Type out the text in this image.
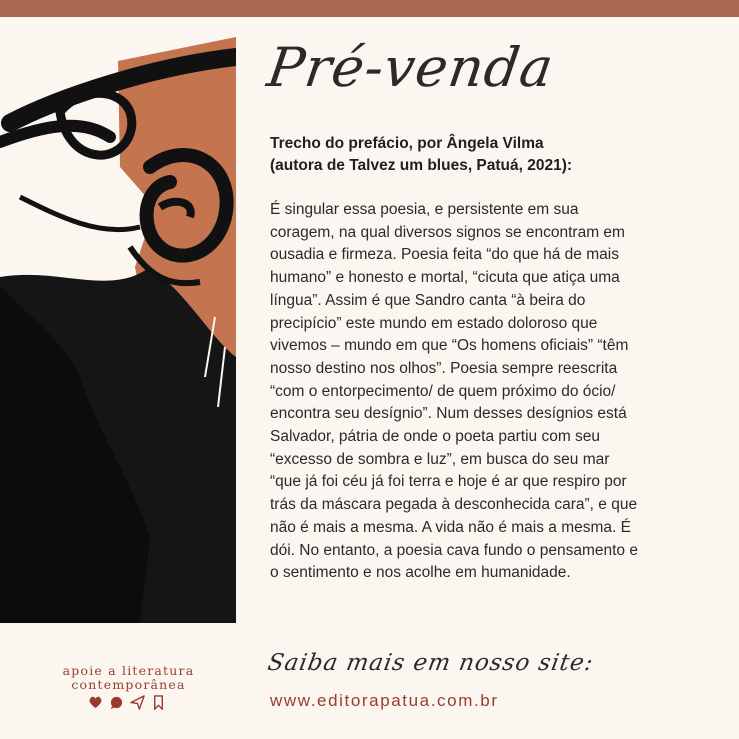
Pré-venda
Trecho do prefácio, por Ângela Vilma
(autora de Talvez um blues, Patuá, 2021):
É singular essa poesia, e persistente em sua coragem, na qual diversos signos se encontram em ousadia e firmeza. Poesia feita “do que há de mais humano” e honesto e mortal, “cicuta que atiça uma língua”. Assim é que Sandro canta “à beira do precipício” este mundo em estado doloroso que vivemos – mundo em que “Os homens oficiais” “têm nosso destino nos olhos”. Poesia sempre reescrita “com o entorpecimento/ de quem próximo do ócio/ encontra seu desígnio”. Num desses desígnios está Salvador, pátria de onde o poeta partiu com seu “excesso de sombra e luz”, em busca do seu mar “que já foi céu já foi terra e hoje é ar que respiro por trás da máscara pegada à desconhecida cara”, e que não é mais a mesma. A vida não é mais a mesma. É dói. No entanto, a poesia cava fundo o pensamento e o sentimento e nos acolhe em humanidade.
apoie a literatura
contemporânea
Saiba mais em nosso site:
www.editorapatua.com.br
